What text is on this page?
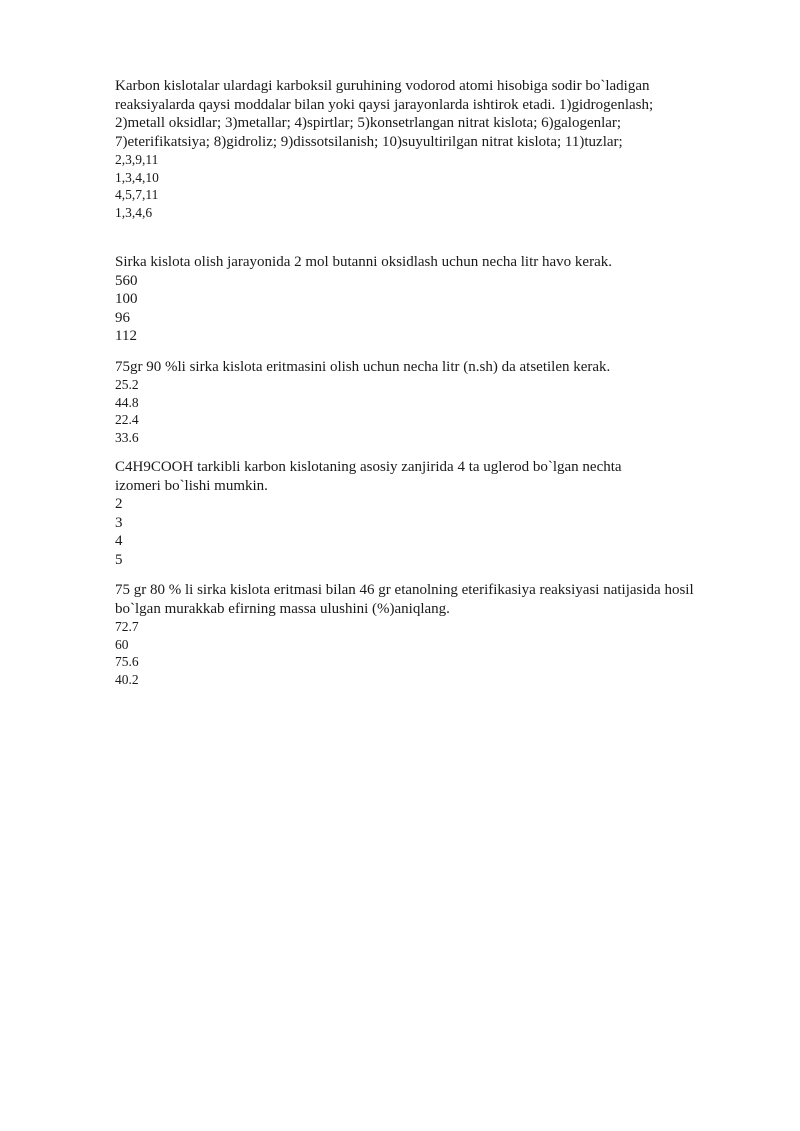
Karbon kislotalar ulardagi karboksil guruhining vodorod atomi hisobiga sodir bo`ladigan
reaksiyalarda qaysi moddalar bilan yoki qaysi jarayonlarda ishtirok etadi. 1)gidrogenlash;
2)metall oksidlar; 3)metallar; 4)spirtlar; 5)konsetrlangan nitrat kislota; 6)galogenlar;
7)eterifikatsiya; 8)gidroliz; 9)dissotsilanish; 10)suyultirilgan nitrat kislota; 11)tuzlar;

2,3,9,11
1,3,4,10
4,5,7,11
1,3,4,6

Sirka kislota olish jarayonida 2 mol butanni oksidlash uchun necha litr havo kerak.

560
100
96
112

75gr 90 %li sirka kislota eritmasini olish uchun necha litr (n.sh) da atsetilen kerak.

25.2
44.8
22.4
33.6

C4H9COOH tarkibli karbon kislotaning asosiy zanjirida 4 ta uglerod bo`lgan nechta
izomeri bo`lishi mumkin.

2
3
4
5

75 gr 80 % li sirka kislota eritmasi bilan 46 gr etanolning eterifikasiya reaksiyasi natijasida hosil
bo`lgan murakkab efirning massa ulushini (%)aniqlang.

72.7
60
75.6
40.2
